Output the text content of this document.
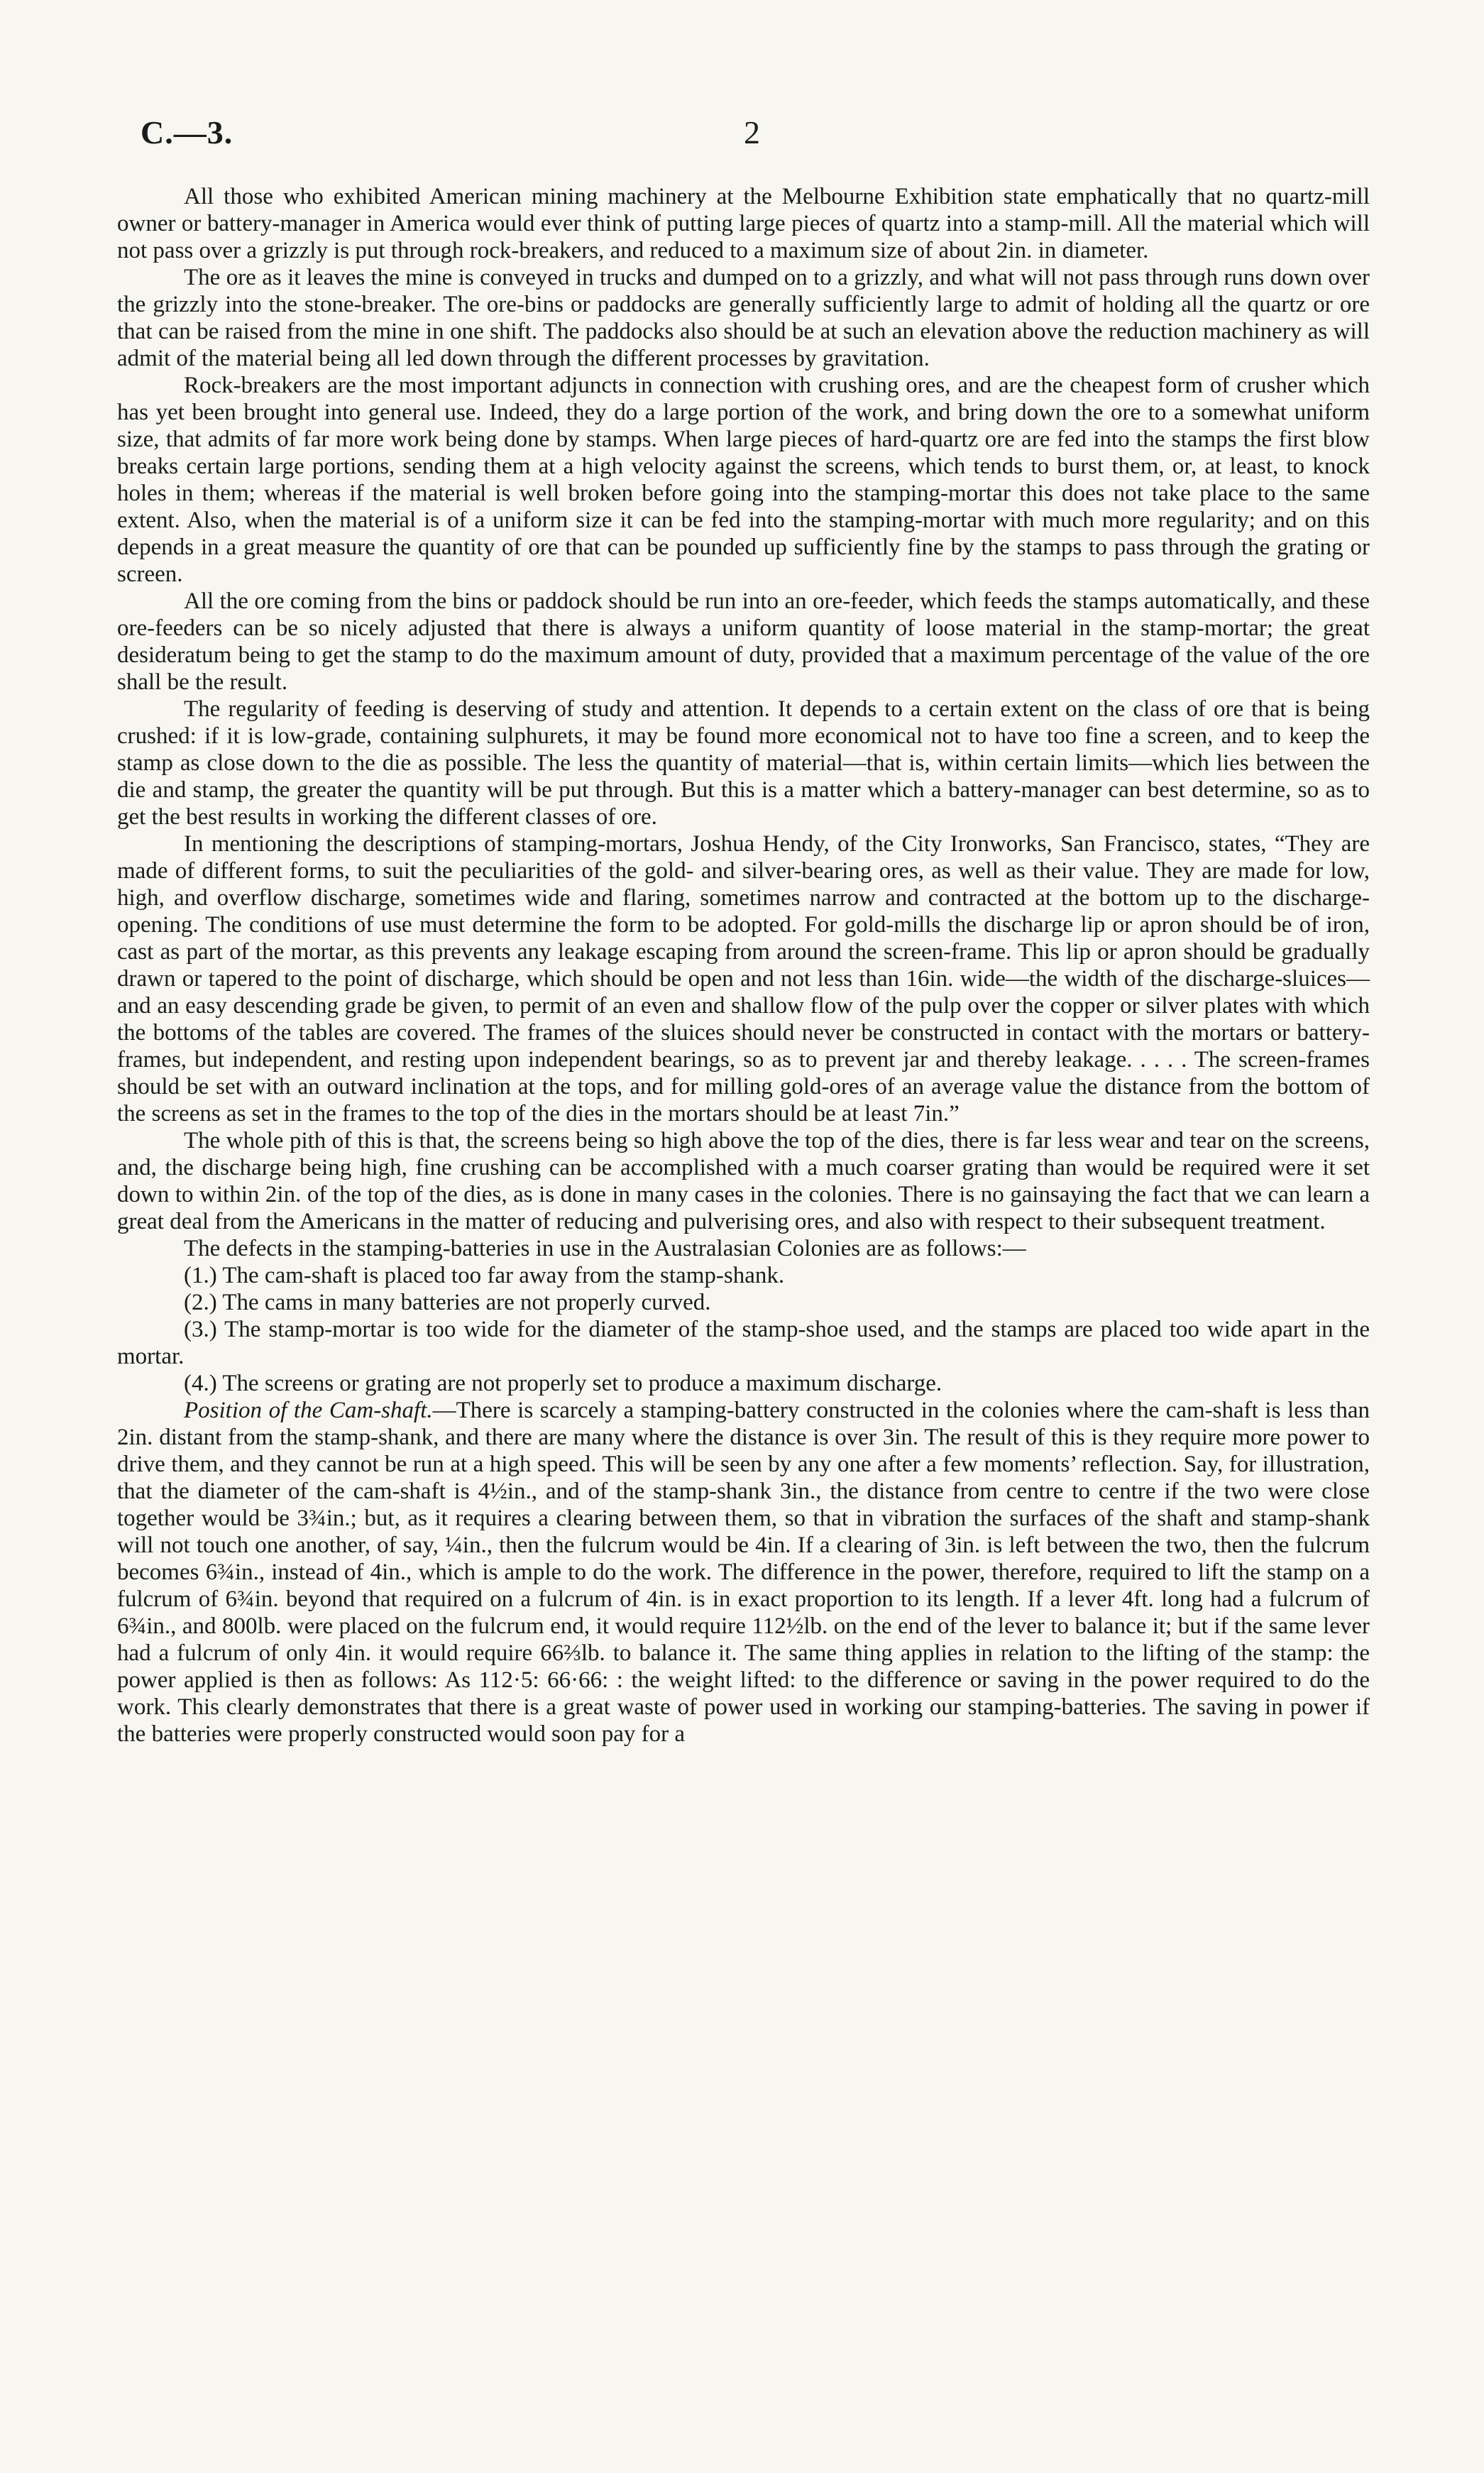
C.—3.	2

All those who exhibited American mining machinery at the Melbourne Exhibition state emphatically that no quartz-mill owner or battery-manager in America would ever think of putting large pieces of quartz into a stamp-mill. All the material which will not pass over a grizzly is put through rock-breakers, and reduced to a maximum size of about 2in. in diameter.

The ore as it leaves the mine is conveyed in trucks and dumped on to a grizzly, and what will not pass through runs down over the grizzly into the stone-breaker. The ore-bins or paddocks are generally sufficiently large to admit of holding all the quartz or ore that can be raised from the mine in one shift. The paddocks also should be at such an elevation above the reduction machinery as will admit of the material being all led down through the different processes by gravitation.

Rock-breakers are the most important adjuncts in connection with crushing ores, and are the cheapest form of crusher which has yet been brought into general use. Indeed, they do a large portion of the work, and bring down the ore to a somewhat uniform size, that admits of far more work being done by stamps. When large pieces of hard-quartz ore are fed into the stamps the first blow breaks certain large portions, sending them at a high velocity against the screens, which tends to burst them, or, at least, to knock holes in them; whereas if the material is well broken before going into the stamping-mortar this does not take place to the same extent. Also, when the material is of a uniform size it can be fed into the stamping-mortar with much more regularity; and on this depends in a great measure the quantity of ore that can be pounded up sufficiently fine by the stamps to pass through the grating or screen.

All the ore coming from the bins or paddock should be run into an ore-feeder, which feeds the stamps automatically, and these ore-feeders can be so nicely adjusted that there is always a uniform quantity of loose material in the stamp-mortar; the great desideratum being to get the stamp to do the maximum amount of duty, provided that a maximum percentage of the value of the ore shall be the result.

The regularity of feeding is deserving of study and attention. It depends to a certain extent on the class of ore that is being crushed: if it is low-grade, containing sulphurets, it may be found more economical not to have too fine a screen, and to keep the stamp as close down to the die as possible. The less the quantity of material—that is, within certain limits—which lies between the die and stamp, the greater the quantity will be put through. But this is a matter which a battery-manager can best determine, so as to get the best results in working the different classes of ore.

In mentioning the descriptions of stamping-mortars, Joshua Hendy, of the City Ironworks, San Francisco, states, “They are made of different forms, to suit the peculiarities of the gold- and silver-bearing ores, as well as their value. They are made for low, high, and overflow discharge, sometimes wide and flaring, sometimes narrow and contracted at the bottom up to the discharge-opening. The conditions of use must determine the form to be adopted. For gold-mills the discharge lip or apron should be of iron, cast as part of the mortar, as this prevents any leakage escaping from around the screen-frame. This lip or apron should be gradually drawn or tapered to the point of discharge, which should be open and not less than 16in. wide—the width of the discharge-sluices—and an easy descending grade be given, to permit of an even and shallow flow of the pulp over the copper or silver plates with which the bottoms of the tables are covered. The frames of the sluices should never be constructed in contact with the mortars or battery-frames, but independent, and resting upon independent bearings, so as to prevent jar and thereby leakage. . . . . The screen-frames should be set with an outward inclination at the tops, and for milling gold-ores of an average value the distance from the bottom of the screens as set in the frames to the top of the dies in the mortars should be at least 7in.”

The whole pith of this is that, the screens being so high above the top of the dies, there is far less wear and tear on the screens, and, the discharge being high, fine crushing can be accomplished with a much coarser grating than would be required were it set down to within 2in. of the top of the dies, as is done in many cases in the colonies. There is no gainsaying the fact that we can learn a great deal from the Americans in the matter of reducing and pulverising ores, and also with respect to their subsequent treatment.

The defects in the stamping-batteries in use in the Australasian Colonies are as follows:—

(1.) The cam-shaft is placed too far away from the stamp-shank.

(2.) The cams in many batteries are not properly curved.

(3.) The stamp-mortar is too wide for the diameter of the stamp-shoe used, and the stamps are placed too wide apart in the mortar.

(4.) The screens or grating are not properly set to produce a maximum discharge.

Position of the Cam-shaft.—There is scarcely a stamping-battery constructed in the colonies where the cam-shaft is less than 2in. distant from the stamp-shank, and there are many where the distance is over 3in. The result of this is they require more power to drive them, and they cannot be run at a high speed. This will be seen by any one after a few moments’ reflection. Say, for illustration, that the diameter of the cam-shaft is 4½in., and of the stamp-shank 3in., the distance from centre to centre if the two were close together would be 3¾in.; but, as it requires a clearing between them, so that in vibration the surfaces of the shaft and stamp-shank will not touch one another, of say, ¼in., then the fulcrum would be 4in. If a clearing of 3in. is left between the two, then the fulcrum becomes 6¾in., instead of 4in., which is ample to do the work. The difference in the power, therefore, required to lift the stamp on a fulcrum of 6¾in. beyond that required on a fulcrum of 4in. is in exact proportion to its length. If a lever 4ft. long had a fulcrum of 6¾in., and 800lb. were placed on the fulcrum end, it would require 112½lb. on the end of the lever to balance it; but if the same lever had a fulcrum of only 4in. it would require 66⅔lb. to balance it. The same thing applies in relation to the lifting of the stamp: the power applied is then as follows: As 112·5: 66·66: : the weight lifted: to the difference or saving in the power required to do the work. This clearly demonstrates that there is a great waste of power used in working our stamping-batteries. The saving in power if the batteries were properly constructed would soon pay for a
